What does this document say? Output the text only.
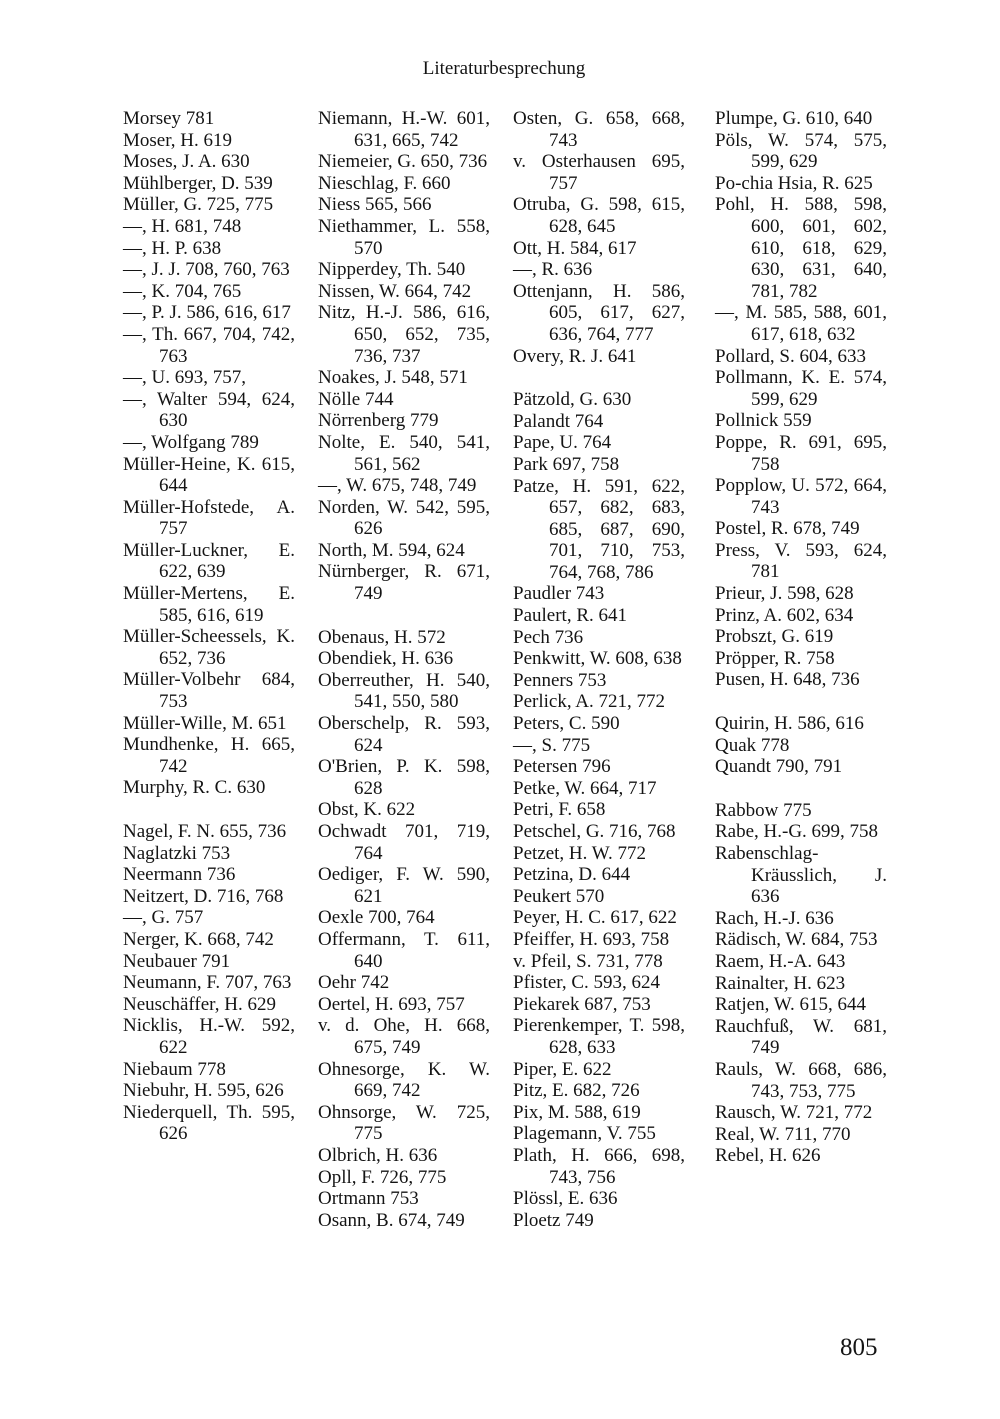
Literaturbesprechung
Morsey 781
Moser, H. 619
Moses, J. A. 630
Mühlberger, D. 539
Müller, G. 725, 775
—, H. 681, 748
—, H. P. 638
—, J. J. 708, 760, 763
—, K. 704, 765
—, P. J. 586, 616, 617
—, Th. 667, 704, 742, 763
—, U. 693, 757,
—, Walter 594, 624, 630
—, Wolfgang 789
Müller-Heine, K. 615, 644
Müller-Hofstede, A. 757
Müller-Luckner, E. 622, 639
Müller-Mertens, E. 585, 616, 619
Müller-Scheessels, K. 652, 736
Müller-Volbehr 684, 753
Müller-Wille, M. 651
Mundhenke, H. 665, 742
Murphy, R. C. 630
Nagel, F. N. 655, 736
Naglatzki 753
Neermann 736
Neitzert, D. 716, 768
—, G. 757
Nerger, K. 668, 742
Neubauer 791
Neumann, F. 707, 763
Neuschäffer, H. 629
Nicklis, H.-W. 592, 622
Niebaum 778
Niebuhr, H. 595, 626
Niederquell, Th. 595, 626
Niemann, H.-W. 601, 631, 665, 742
Niemeier, G. 650, 736
Nieschlag, F. 660
Niess 565, 566
Niethammer, L. 558, 570
Nipperdey, Th. 540
Nissen, W. 664, 742
Nitz, H.-J. 586, 616, 650, 652, 735, 736, 737
Noakes, J. 548, 571
Nölle 744
Nörrenberg 779
Nolte, E. 540, 541, 561, 562
—, W. 675, 748, 749
Norden, W. 542, 595, 626
North, M. 594, 624
Nürnberger, R. 671, 749
Obenaus, H. 572
Obendiek, H. 636
Oberreuther, H. 540, 541, 550, 580
Oberschelp, R. 593, 624
O'Brien, P. K. 598, 628
Obst, K. 622
Ochwadt 701, 719, 764
Oediger, F. W. 590, 621
Oexle 700, 764
Offermann, T. 611, 640
Oehr 742
Oertel, H. 693, 757
v. d. Ohe, H. 668, 675, 749
Ohnesorge, K. W. 669, 742
Ohnsorge, W. 725, 775
Olbrich, H. 636
Opll, F. 726, 775
Ortmann 753
Osann, B. 674, 749
Osten, G. 658, 668, 743
v. Osterhausen 695, 757
Otruba, G. 598, 615, 628, 645
Ott, H. 584, 617
—, R. 636
Ottenjann, H. 586, 605, 617, 627, 636, 764, 777
Overy, R. J. 641
Pätzold, G. 630
Palandt 764
Pape, U. 764
Park 697, 758
Patze, H. 591, 622, 657, 682, 683, 685, 687, 690, 701, 710, 753, 764, 768, 786
Paudler 743
Paulert, R. 641
Pech 736
Penkwitt, W. 608, 638
Penners 753
Perlick, A. 721, 772
Peters, C. 590
—, S. 775
Petersen 796
Petke, W. 664, 717
Petri, F. 658
Petschel, G. 716, 768
Petzet, H. W. 772
Petzina, D. 644
Peukert 570
Peyer, H. C. 617, 622
Pfeiffer, H. 693, 758
v. Pfeil, S. 731, 778
Pfister, C. 593, 624
Piekarek 687, 753
Pierenkemper, T. 598, 628, 633
Piper, E. 622
Pitz, E. 682, 726
Pix, M. 588, 619
Plagemann, V. 755
Plath, H. 666, 698, 743, 756
Plössl, E. 636
Ploetz 749
Plumpe, G. 610, 640
Pöls, W. 574, 575, 599, 629
Po-chia Hsia, R. 625
Pohl, H. 588, 598, 600, 601, 602, 610, 618, 629, 630, 631, 640, 781, 782
—, M. 585, 588, 601, 617, 618, 632
Pollard, S. 604, 633
Pollmann, K. E. 574, 599, 629
Pollnick 559
Poppe, R. 691, 695, 758
Popplow, U. 572, 664, 743
Postel, R. 678, 749
Press, V. 593, 624, 781
Prieur, J. 598, 628
Prinz, A. 602, 634
Probszt, G. 619
Pröpper, R. 758
Pusen, H. 648, 736
Quirin, H. 586, 616
Quak 778
Quandt 790, 791
Rabbow 775
Rabe, H.-G. 699, 758
Rabenschlag-Kräusslich, J. 636
Rach, H.-J. 636
Rädisch, W. 684, 753
Raem, H.-A. 643
Rainalter, H. 623
Ratjen, W. 615, 644
Rauchfuß, W. 681, 749
Rauls, W. 668, 686, 743, 753, 775
Rausch, W. 721, 772
Real, W. 711, 770
Rebel, H. 626
805
